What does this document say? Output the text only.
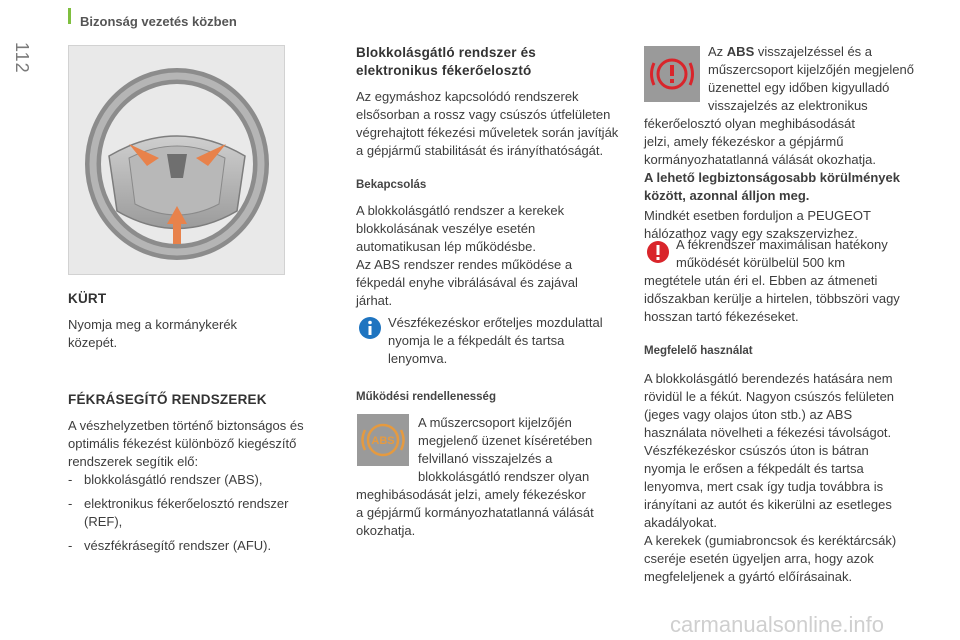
112
Bizonság vezetés közben
KÜRT

Nyomja meg a kormánykerék közepét.

FÉKRÁSEGÍTŐ RENDSZEREK

A vészhelyzetben történő biztonságos és

optimális fékezést különböző kiegészítő

rendszerek segítik elő:

- blokkolásgátló rendszer (ABS),
- elektronikus fékerőelosztó rendszer
(REF),
- vészfékrásegítő rendszer (AFU).
Blokkolásgátló rendszer és
elektronikus fékerőelosztó

Az egymáshoz kapcsolódó rendszerek

elsősorban a rossz vagy csúszós útfelületen

végrehajtott fékezési műveletek során javítják

a gépjármű stabilitását és irányíthatóságát.

Bekapcsolás

A blokkolásgátló rendszer a kerekek

blokkolásának veszélye esetén

automatikusan lép működésbe.

Az ABS rendszer rendes működése a

fékpedál enyhe vibrálásával és zajával

járhat.

Vészfékezéskor erőteljes mozdulattal

nyomja le a fékpedált és tartsa

lenyomva.

Működési rendellenesség
ABS

A műszercsoport kijelzőjén

megjelenő üzenet kíséretében

felvillanó visszajelzés a

blokkolásgátló rendszer olyan

meghibásodását jelzi, amely fékezéskor

a gépjármű kormányozhatatlanná válását

okozhatja.

Az ABS visszajelzéssel és a

műszercsoport kijelzőjén megjelenő

üzenettel egy időben kigyulladó

visszajelzés az elektronikus

fékerőelosztó olyan meghibásodását

jelzi, amely fékezéskor a gépjármű

kormányozhatatlanná válását okozhatja.

A lehető legbiztonságosabb körülmények
között, azonnal álljon meg.

Mindkét esetben forduljon a PEUGEOT

hálózathoz vagy egy szakszervizhez.

A fékrendszer maximálisan hatékony

működését körülbelül 500 km

megtétele után éri el. Ebben az átmeneti

időszakban kerülje a hirtelen, többszöri vagy

hosszan tartó fékezéseket.

Megfelelő használat

A blokkolásgátló berendezés hatására nem

rövidül le a fékút. Nagyon csúszós felületen

(jeges vagy olajos úton stb.) az ABS

használata növelheti a fékezési távolságot.

Vészfékezéskor csúszós úton is bátran

nyomja le erősen a fékpedált és tartsa

lenyomva, mert csak így tudja továbbra is

irányítani az autót és kikerülni az esetleges

akadályokat.

A kerekek (gumiabroncsok és keréktárcsák)

cseréje esetén ügyeljen arra, hogy azok

megfeleljenek a gyártó előírásainak.

carmanualsonline.info
